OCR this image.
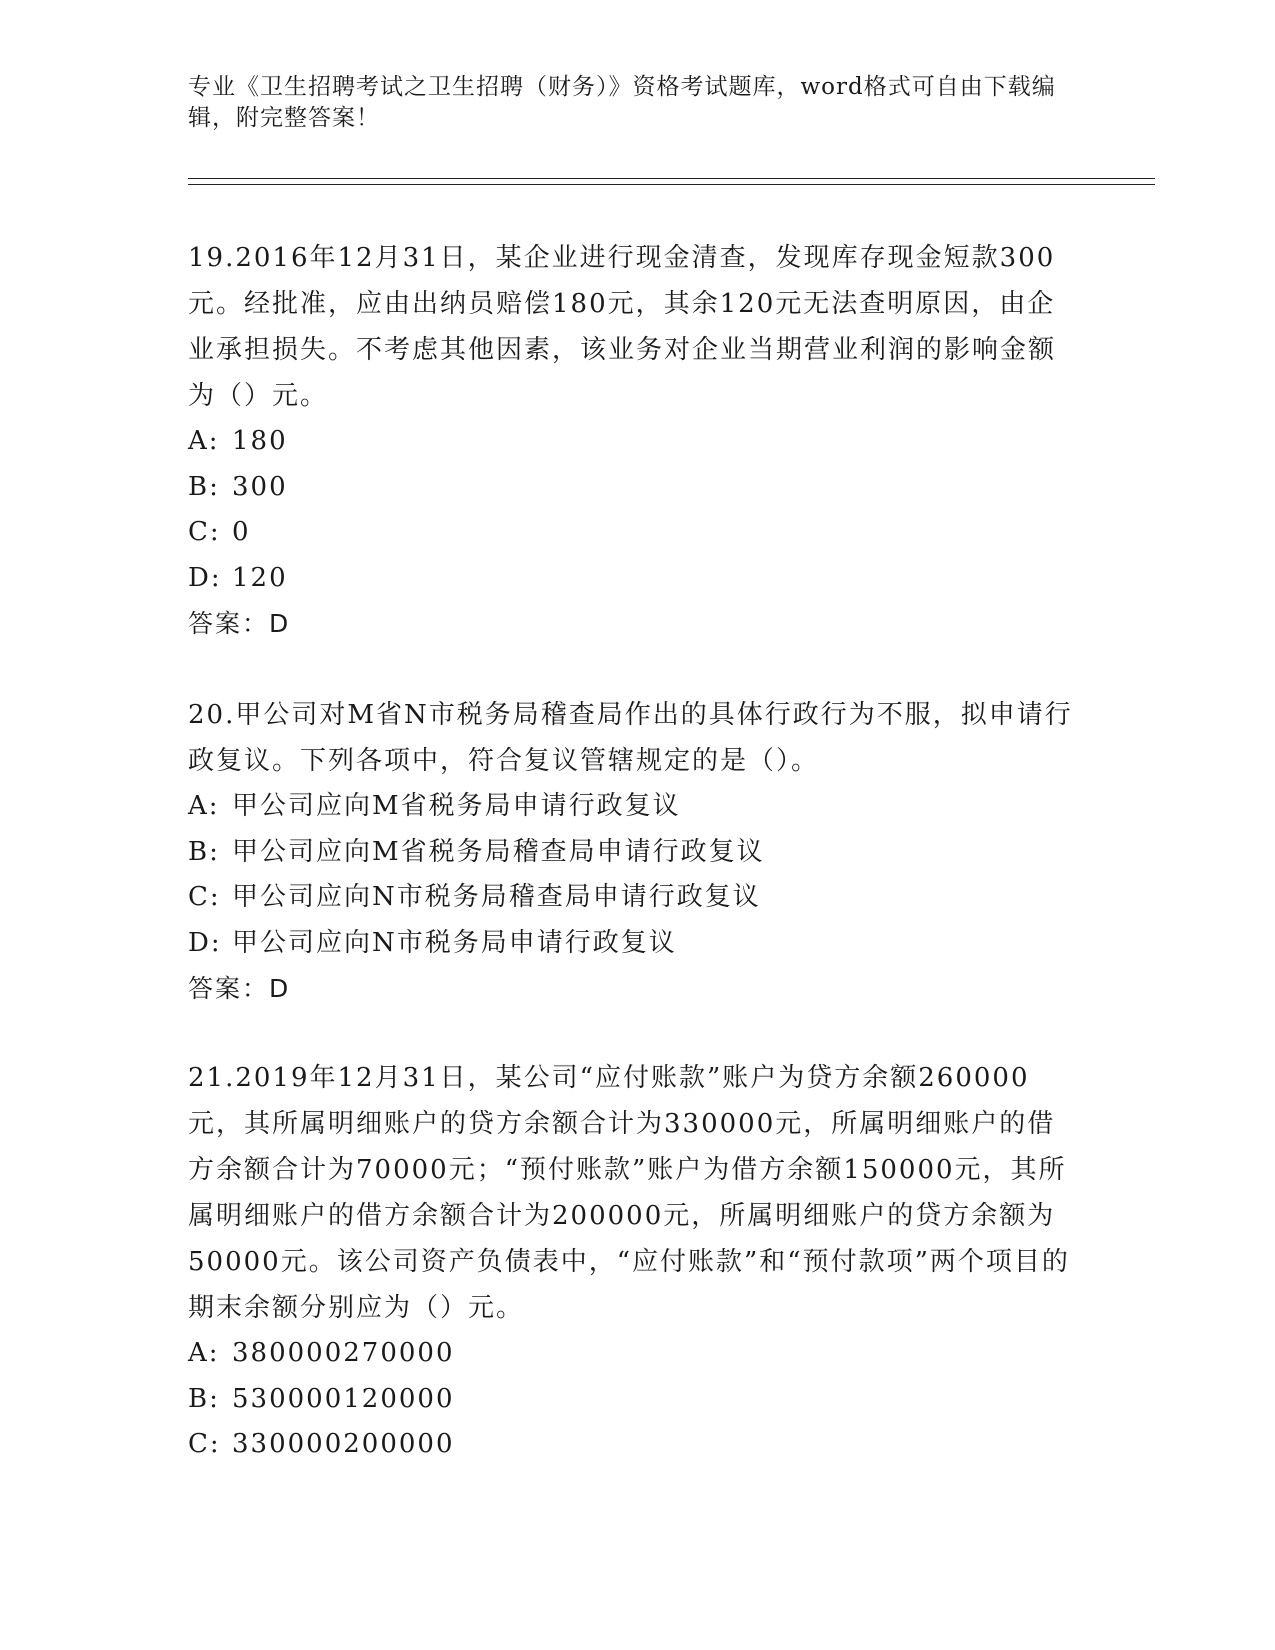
专业《卫生招聘考试之卫生招聘（财务）》资格考试题库，word格式可自由下载编辑，附完整答案！
19.2016年12月31日，某企业进行现金清查，发现库存现金短款300元。经批准，应由出纳员赔偿180元，其余120元无法查明原因，由企业承担损失。不考虑其他因素，该业务对企业当期营业利润的影响金额为（）元。
A: 180
B: 300
C: 0
D: 120
答案：D
20.甲公司对M省N市税务局稽查局作出的具体行政行为不服，拟申请行政复议。下列各项中，符合复议管辖规定的是（）。
A: 甲公司应向M省税务局申请行政复议
B: 甲公司应向M省税务局稽查局申请行政复议
C: 甲公司应向N市税务局稽查局申请行政复议
D: 甲公司应向N市税务局申请行政复议
答案：D
21.2019年12月31日，某公司“应付账款”账户为贷方余额260000元，其所属明细账户的贷方余额合计为330000元，所属明细账户的借方余额合计为70000元；“预付账款”账户为借方余额150000元，其所属明细账户的借方余额合计为200000元，所属明细账户的贷方余额为50000元。该公司资产负债表中，“应付账款”和“预付款项”两个项目的期末余额分别应为（）元。
A: 380000270000
B: 530000120000
C: 330000200000
